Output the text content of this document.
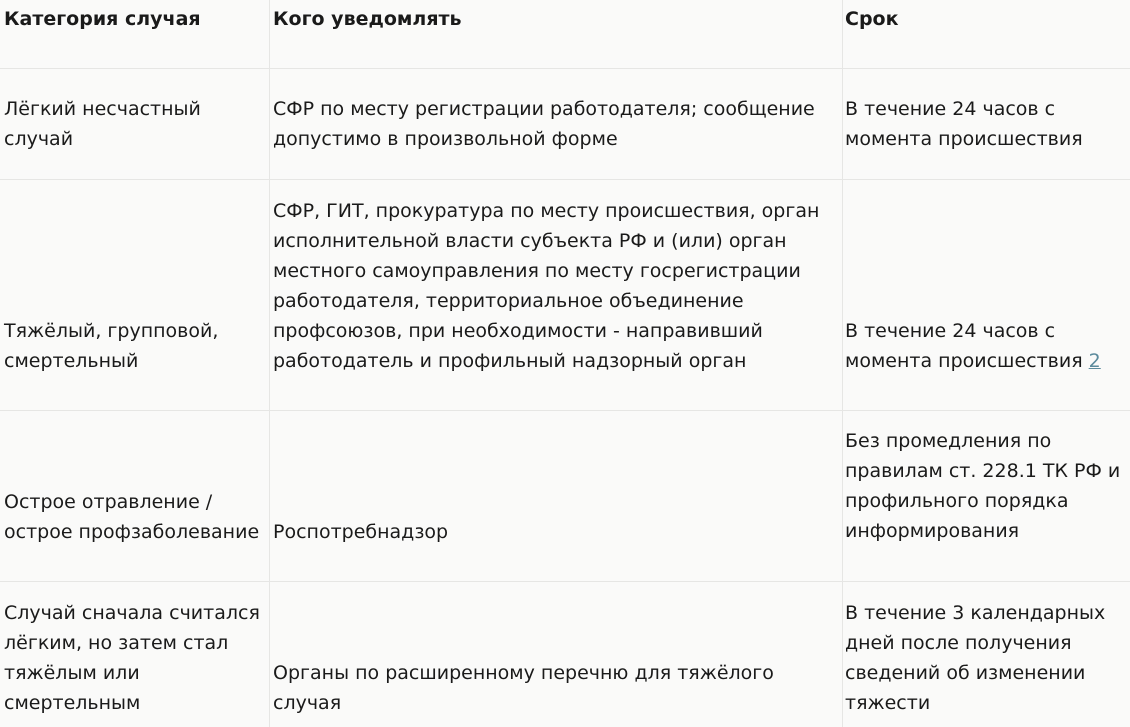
Категория случая	Кого уведомлять	Срок
Лёгкий несчастный
случай
СФР по месту регистрации работодателя; сообщение
допустимо в произвольной форме
В течение 24 часов с
момента происшествия
Тяжёлый, групповой,
смертельный
СФР, ГИТ, прокуратура по месту происшествия, орган
исполнительной власти субъекта РФ и (или) орган
местного самоуправления по месту госрегистрации
работодателя, территориальное объединение
профсоюзов, при необходимости - направивший
работодатель и профильный надзорный орган
В течение 24 часов с
момента происшествия 2
Острое отравление /
острое профзаболевание Роспотребнадзор
Без промедления по
правилам ст. 228.1 ТК РФ и
профильного порядка
информирования
Случай сначала считался
лёгким, но затем стал
тяжёлым или
смертельным
Органы по расширенному перечню для тяжёлого
случая
В течение 3 календарных
дней после получения
сведений об изменении
тяжести
